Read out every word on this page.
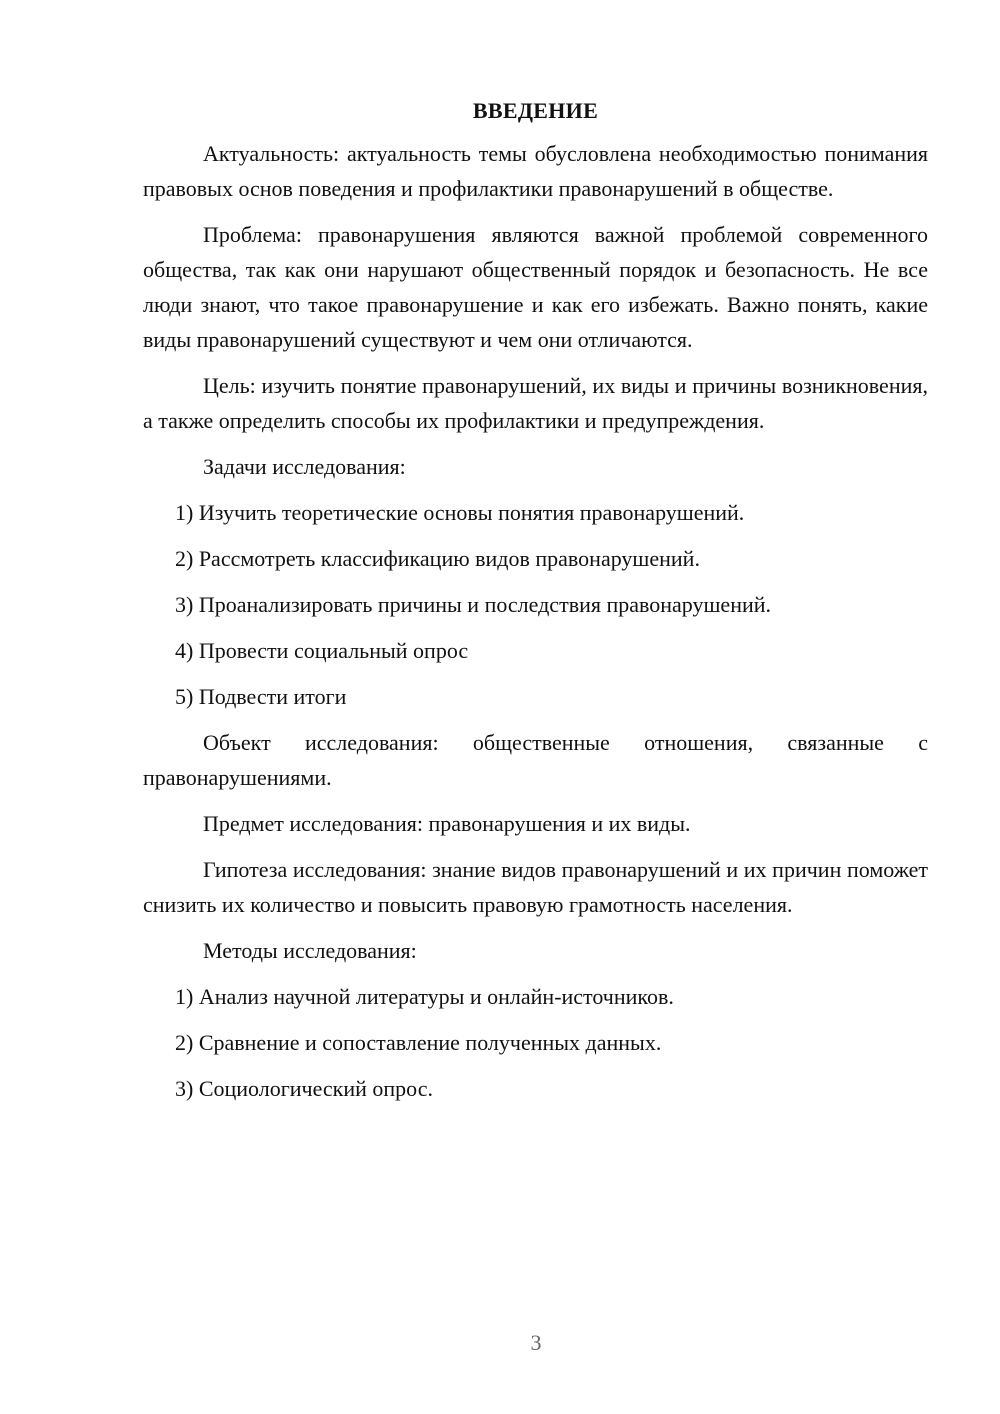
ВВЕДЕНИЕ

Актуальность: актуальность темы обусловлена необходимостью понимания правовых основ поведения и профилактики правонарушений в обществе.

Проблема: правонарушения являются важной проблемой современного общества, так как они нарушают общественный порядок и безопасность. Не все люди знают, что такое правонарушение и как его избежать. Важно понять, какие виды правонарушений существуют и чем они отличаются.

Цель: изучить понятие правонарушений, их виды и причины возникновения, а также определить способы их профилактики и предупреждения.

Задачи исследования:

1) Изучить теоретические основы понятия правонарушений.
2) Рассмотреть классификацию видов правонарушений.
3) Проанализировать причины и последствия правонарушений.
4) Провести социальный опрос
5) Подвести итоги

Объект исследования: общественные отношения, связанные с правонарушениями.

Предмет исследования: правонарушения и их виды.

Гипотеза исследования: знание видов правонарушений и их причин поможет снизить их количество и повысить правовую грамотность населения.

Методы исследования:

1) Анализ научной литературы и онлайн-источников.
2) Сравнение и сопоставление полученных данных.
3) Социологический опрос.
3
